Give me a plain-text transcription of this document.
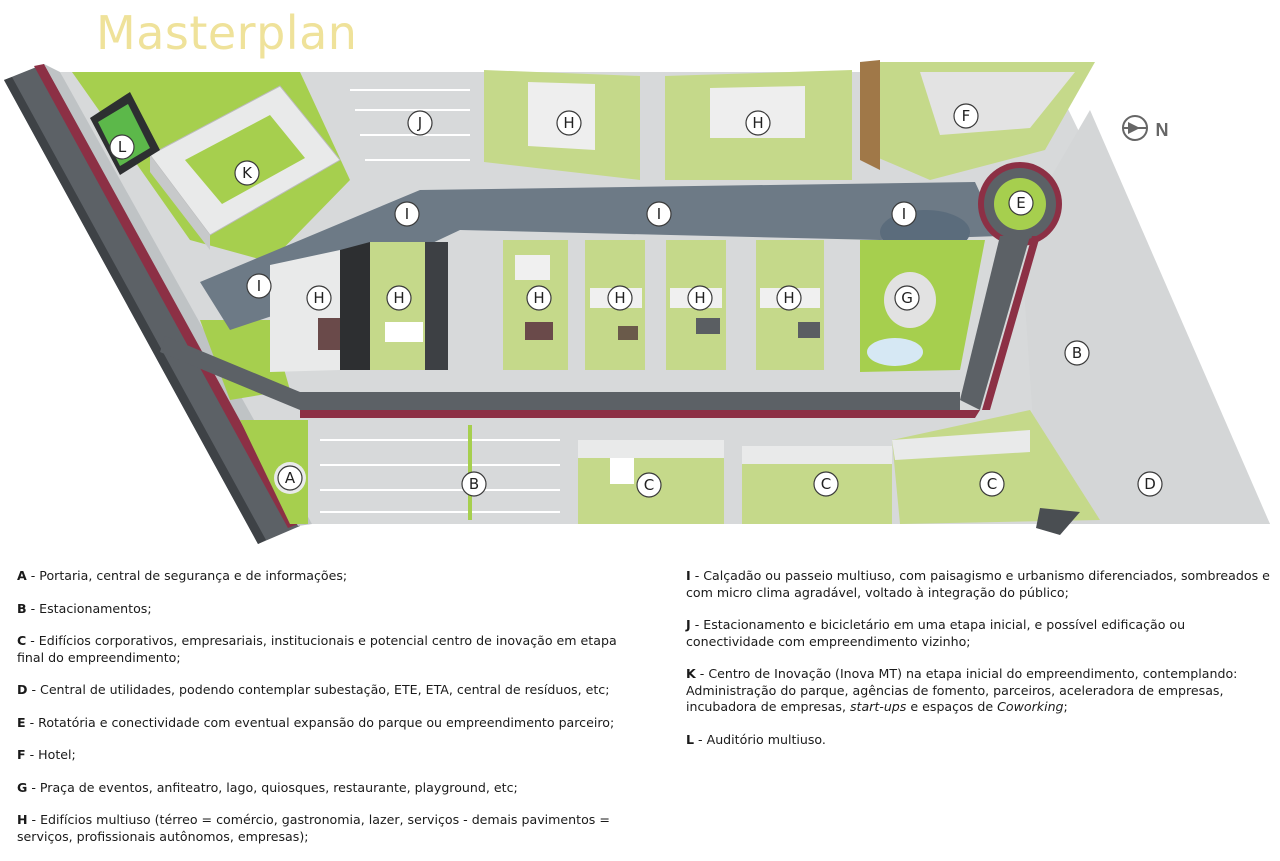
Masterplan
N
L
K
J	H	H	F
E
I	I	I
I
H	H	H	H	H	H	G
B
A	B	C	C	C	D
A - Portaria, central de segurança e de informações;
B - Estacionamentos;
C - Edifícios corporativos, empresariais, institucionais e potencial centro de inovação em etapa final do empreendimento;
D - Central de utilidades, podendo contemplar subestação, ETE, ETA, central de resíduos, etc;
E - Rotatória e conectividade com eventual expansão do parque ou empreendimento parceiro;
F - Hotel;
G - Praça de eventos, anfiteatro, lago, quiosques, restaurante, playground, etc;
H - Edifícios multiuso (térreo = comércio, gastronomia, lazer, serviços - demais pavimentos = serviços, profissionais autônomos, empresas);
I - Calçadão ou passeio multiuso, com paisagismo e urbanismo diferenciados, sombreados e com micro clima agradável, voltado à integração do público;
J - Estacionamento e bicicletário em uma etapa inicial, e possível edificação ou conectividade com empreendimento vizinho;
K - Centro de Inovação (Inova MT) na etapa inicial do empreendimento, contemplando: Administração do parque, agências de fomento, parceiros, aceleradora de empresas, incubadora de empresas, start-ups e espaços de Coworking;
L - Auditório multiuso.
